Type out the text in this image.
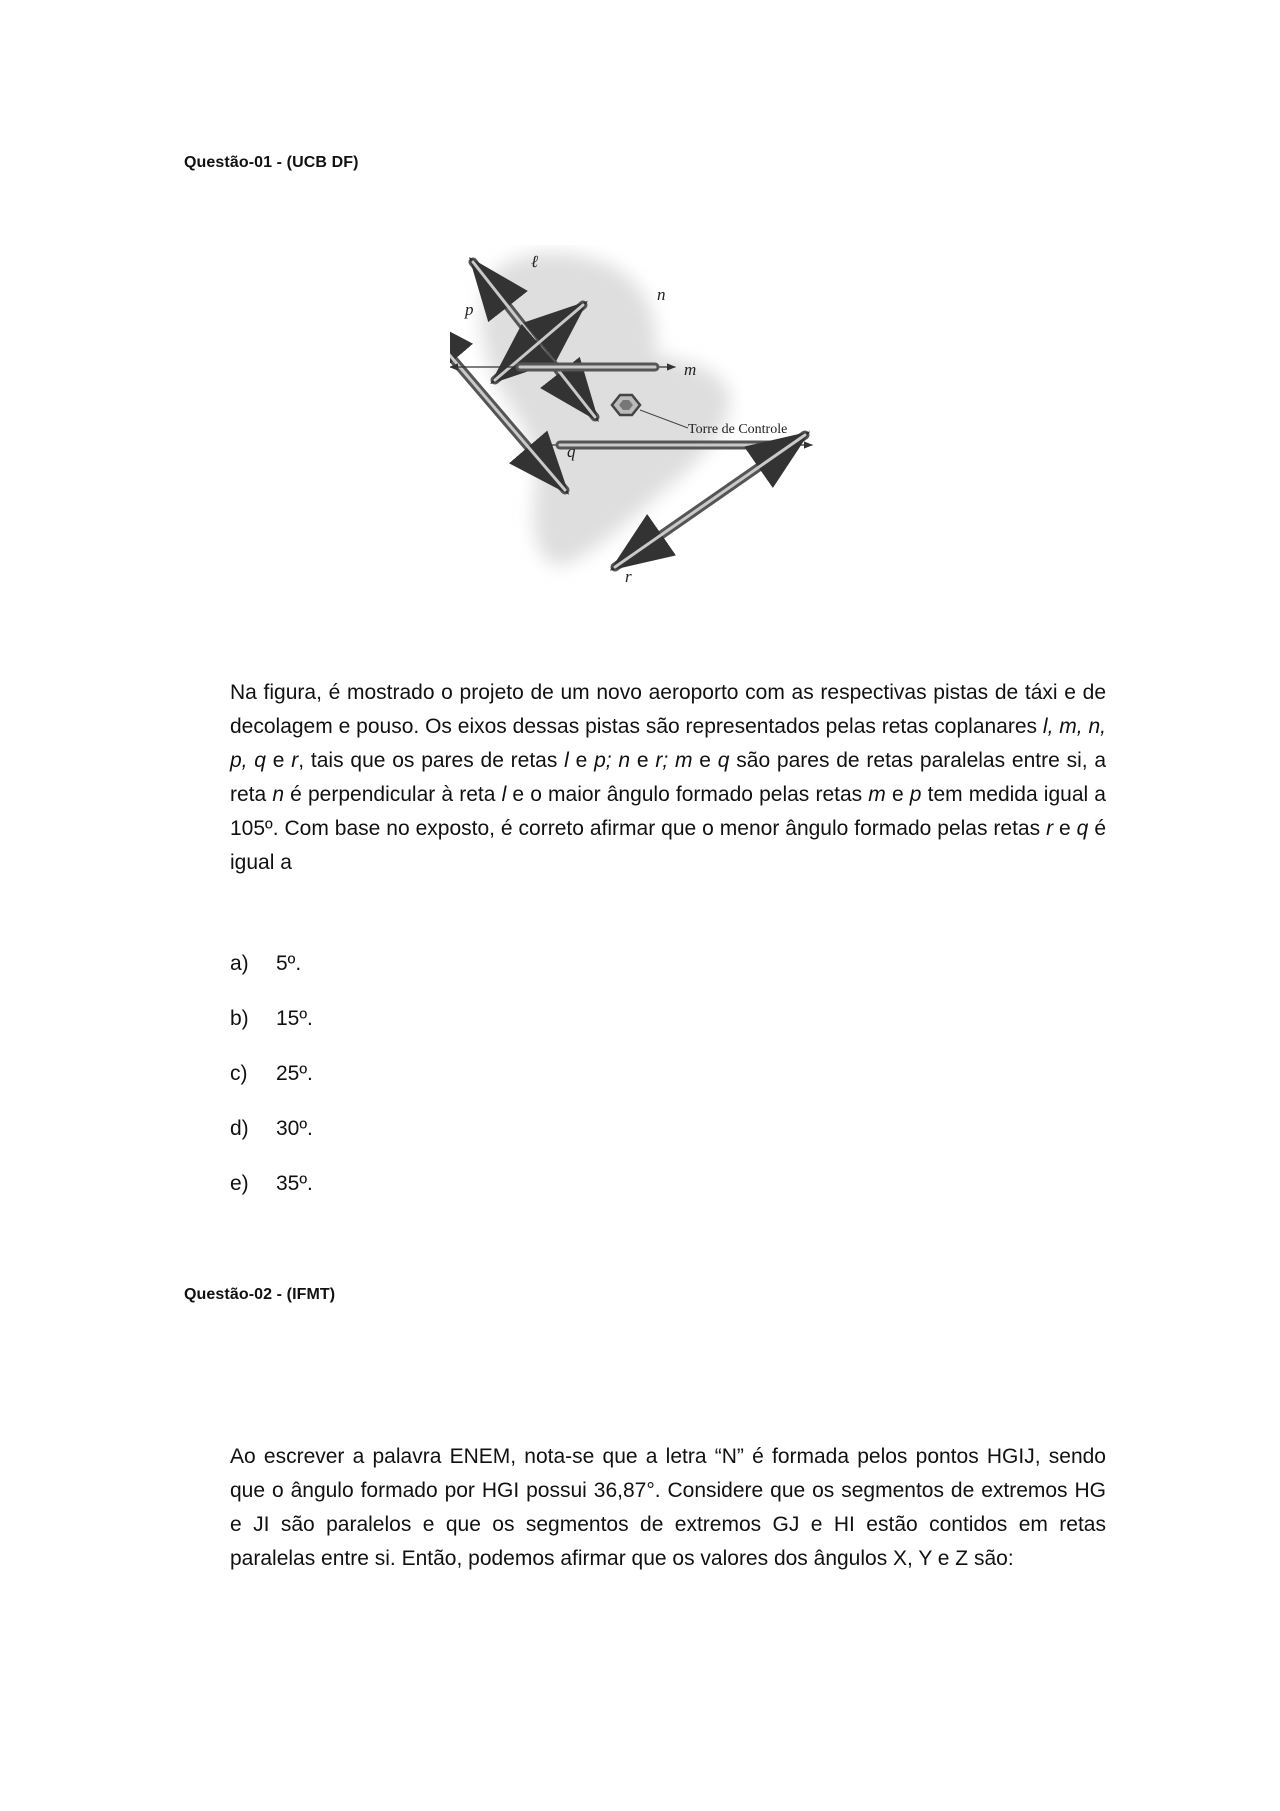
Questão-01 - (UCB DF)
Torre de Controle
ℓ
n
p
m
q
r

Na figura, é mostrado o projeto de um novo aeroporto com as respectivas pistas de táxi e de decolagem e pouso. Os eixos dessas pistas são representados pelas retas coplanares l, m, n, p, q e r, tais que os pares de retas l e p; n e r; m e q são pares de retas paralelas entre si, a reta n é perpendicular à reta l e o maior ângulo formado pelas retas m e p tem medida igual a 105º. Com base no exposto, é correto afirmar que o menor ângulo formado pelas retas r e q é igual a

a)	5º.
b)	15º.
c)	25º.
d)	30º.
e)	35º.
Questão-02 - (IFMT)

Ao escrever a palavra ENEM, nota-se que a letra “N” é formada pelos pontos HGIJ, sendo que o ângulo formado por HGI possui 36,87°. Considere que os segmentos de extremos HG e JI são paralelos e que os segmentos de extremos GJ e HI estão contidos em retas paralelas entre si. Então, podemos afirmar que os valores dos ângulos X, Y e Z são:
